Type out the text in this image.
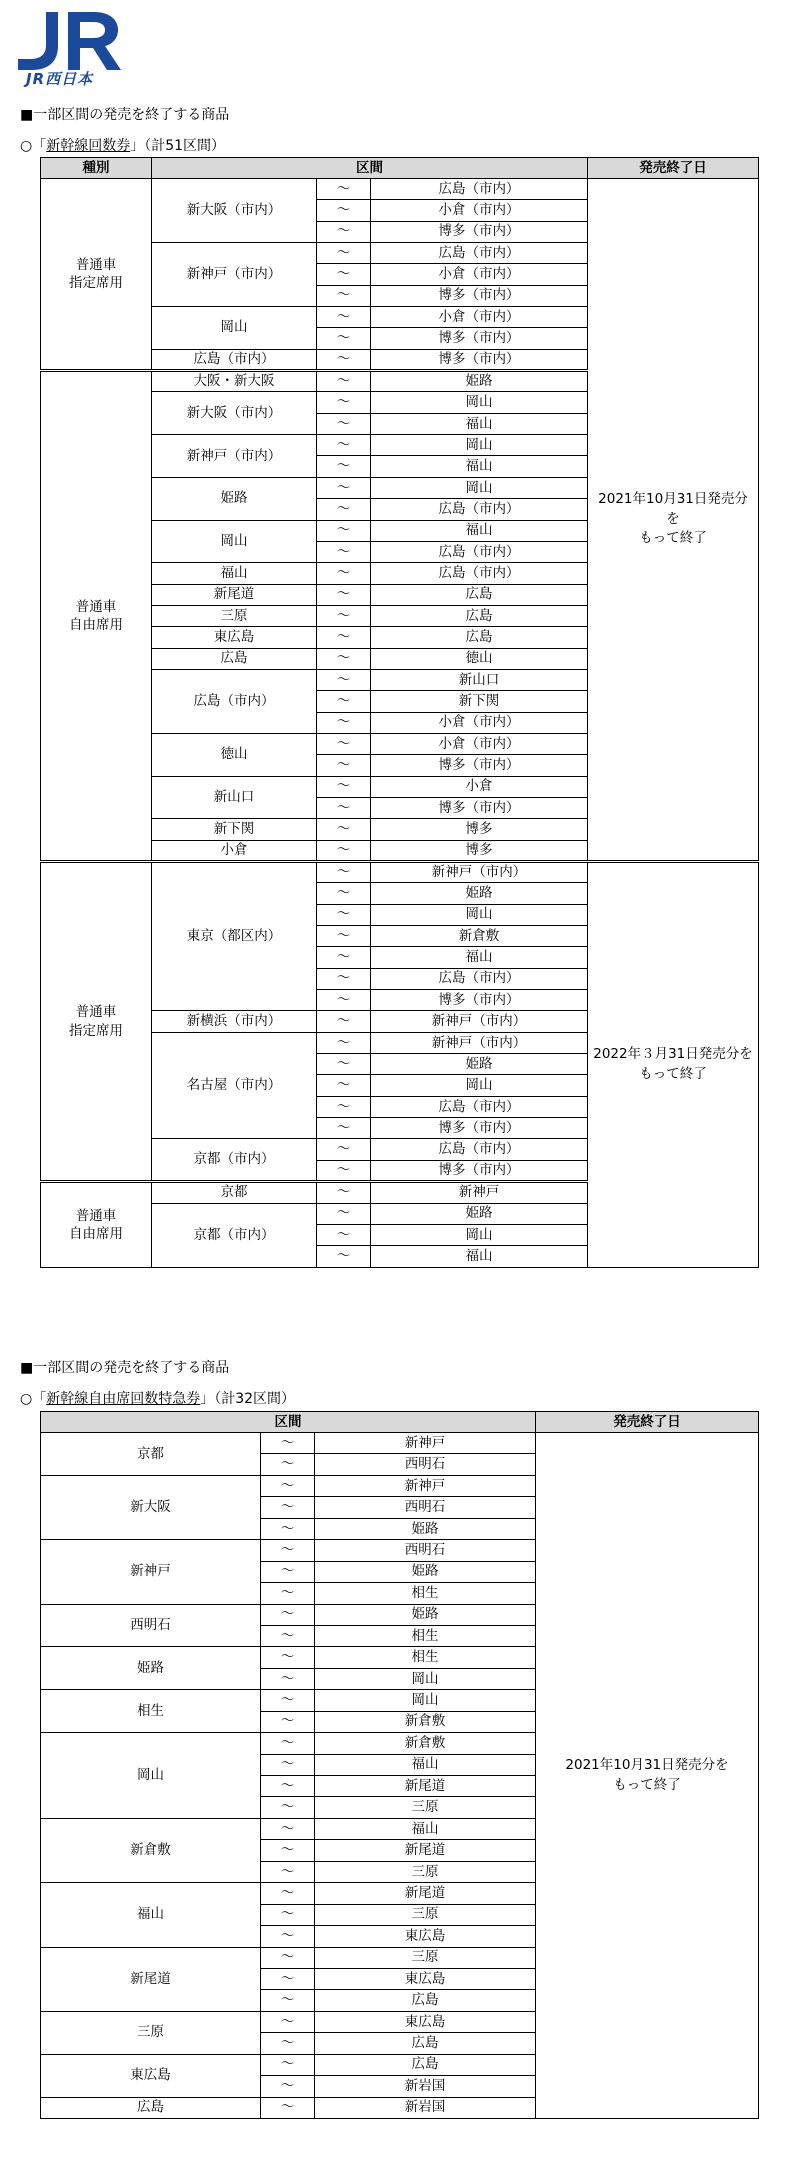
JR西日本
■一部区間の発売を終了する商品
○「新幹線回数券」（計51区間）
種別	区間			発売終了日
普通車
指定席用	新大阪（市内）	～	広島（市内）	2021年10月31日発売分を
もって終了
		～	小倉（市内）	
		～	博多（市内）	
	新神戸（市内）	～	広島（市内）	
		～	小倉（市内）	
		～	博多（市内）	
	岡山	～	小倉（市内）	
		～	博多（市内）	
	広島（市内）	～	博多（市内）	
普通車
自由席用	大阪・新大阪	～	姫路	
	新大阪（市内）	～	岡山	
		～	福山	
	新神戸（市内）	～	岡山	
		～	福山	
	姫路	～	岡山	
		～	広島（市内）	
	岡山	～	福山	
		～	広島（市内）	
	福山	～	広島（市内）	
	新尾道	～	広島	
	三原	～	広島	
	東広島	～	広島	
	広島	～	徳山	
	広島（市内）	～	新山口	
		～	新下関	
		～	小倉（市内）	
	徳山	～	小倉（市内）	
		～	博多（市内）	
	新山口	～	小倉	
		～	博多（市内）	
	新下関	～	博多	
	小倉	～	博多	
普通車
指定席用	東京（都区内）	～	新神戸（市内）	2022年３月31日発売分をもって終了
		～	姫路	
		～	岡山	
		～	新倉敷	
		～	福山	
		～	広島（市内）	
		～	博多（市内）	
	新横浜（市内）	～	新神戸（市内）	
	名古屋（市内）	～	新神戸（市内）	
		～	姫路	
		～	岡山	
		～	広島（市内）	
		～	博多（市内）	
	京都（市内）	～	広島（市内）	
		～	博多（市内）	
普通車
自由席用	京都	～	新神戸	
	京都（市内）	～	姫路	
		～	岡山	
		～	福山	
■一部区間の発売を終了する商品
○「新幹線自由席回数特急券」（計32区間）
区間			発売終了日
京都	～	新神戸	2021年10月31日発売分を
もって終了
	～	西明石	
新大阪	～	新神戸	
	～	西明石	
	～	姫路	
新神戸	～	西明石	
	～	姫路	
	～	相生	
西明石	～	姫路	
	～	相生	
姫路	～	相生	
	～	岡山	
相生	～	岡山	
	～	新倉敷	
岡山	～	新倉敷	
	～	福山	
	～	新尾道	
	～	三原	
新倉敷	～	福山	
	～	新尾道	
	～	三原	
福山	～	新尾道	
	～	三原	
	～	東広島	
新尾道	～	三原	
	～	東広島	
	～	広島	
三原	～	東広島	
	～	広島	
東広島	～	広島	
	～	新岩国	
広島	～	新岩国	
